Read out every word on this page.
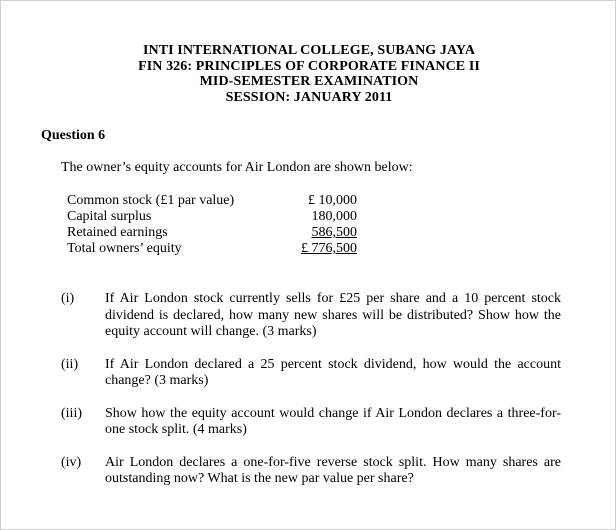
INTI INTERNATIONAL COLLEGE, SUBANG JAYA
FIN 326: PRINCIPLES OF CORPORATE FINANCE II
MID-SEMESTER EXAMINATION
SESSION: JANUARY 2011
Question 6
The owner’s equity accounts for Air London are shown below:
Common stock (£1 par value)	£ 10,000
Capital surplus	180,000
Retained earnings	586,500
Total owners’ equity	£ 776,500
(i) If Air London stock currently sells for £25 per share and a 10 percent stock dividend is declared, how many new shares will be distributed? Show how the equity account will change. (3 marks)
(ii) If Air London declared a 25 percent stock dividend, how would the account change? (3 marks)
(iii) Show how the equity account would change if Air London declares a three-for-one stock split. (4 marks)
(iv) Air London declares a one-for-five reverse stock split. How many shares are outstanding now? What is the new par value per share?
